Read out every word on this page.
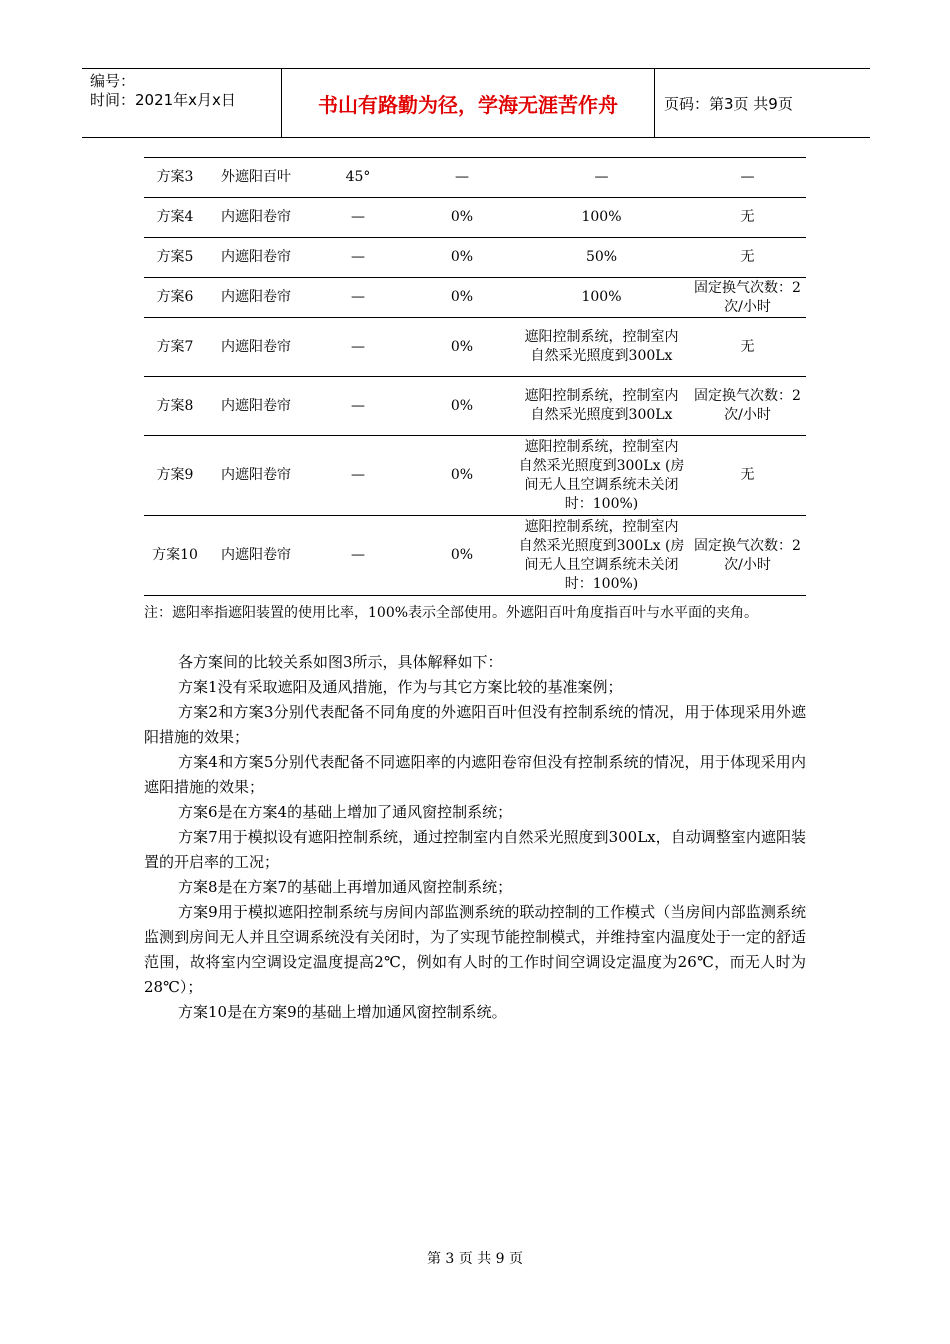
编号：
时间：2021年x月x日	书山有路勤为径，学海无涯苦作舟	页码：第3页 共9页
方案3	外遮阳百叶	45°	—	—	—
方案4	内遮阳卷帘	—	0%	100%	无
方案5	内遮阳卷帘	—	0%	50%	无
方案6	内遮阳卷帘	—	0%	100%	固定换气次数：2次/小时
方案7	内遮阳卷帘	—	0%	遮阳控制系统，控制室内自然采光照度到300Lx	无
方案8	内遮阳卷帘	—	0%	遮阳控制系统，控制室内自然采光照度到300Lx	固定换气次数：2次/小时
方案9	内遮阳卷帘	—	0%	遮阳控制系统，控制室内自然采光照度到300Lx (房间无人且空调系统未关闭时：100%)	无
方案10	内遮阳卷帘	—	0%	遮阳控制系统，控制室内自然采光照度到300Lx (房间无人且空调系统未关闭时：100%)	固定换气次数：2次/小时
注：遮阳率指遮阳装置的使用比率，100%表示全部使用。外遮阳百叶角度指百叶与水平面的夹角。

各方案间的比较关系如图3所示，具体解释如下：

方案1没有采取遮阳及通风措施，作为与其它方案比较的基准案例；

方案2和方案3分别代表配备不同角度的外遮阳百叶但没有控制系统的情况，用于体现采用外遮阳措施的效果；

方案4和方案5分别代表配备不同遮阳率的内遮阳卷帘但没有控制系统的情况，用于体现采用内遮阳措施的效果；

方案6是在方案4的基础上增加了通风窗控制系统；

方案7用于模拟设有遮阳控制系统，通过控制室内自然采光照度到300Lx，自动调整室内遮阳装置的开启率的工况；

方案8是在方案7的基础上再增加通风窗控制系统；

方案9用于模拟遮阳控制系统与房间内部监测系统的联动控制的工作模式（当房间内部监测系统监测到房间无人并且空调系统没有关闭时，为了实现节能控制模式，并维持室内温度处于一定的舒适范围，故将室内空调设定温度提高2℃，例如有人时的工作时间空调设定温度为26℃，而无人时为28℃）；

方案10是在方案9的基础上增加通风窗控制系统。

第 3 页 共 9 页
